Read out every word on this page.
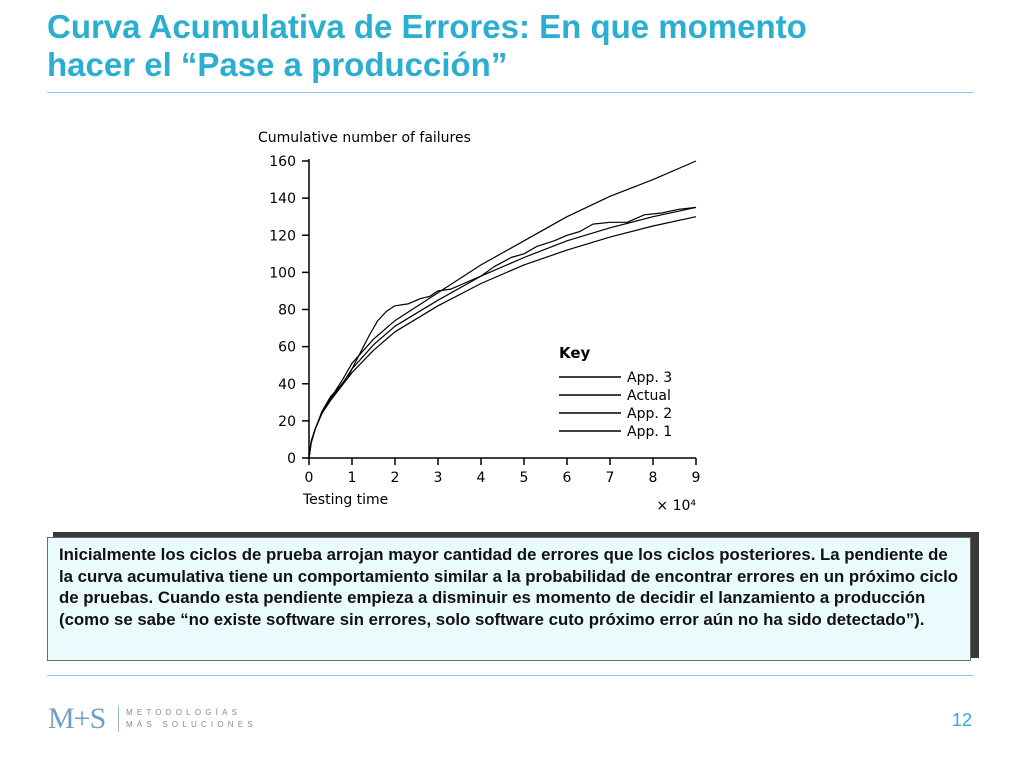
Curva Acumulativa de Errores: En que momento
hacer el “Pase a producción”
0
20
40
60
80
100
120
140
160
0 1 2 3 4 5 6 7 8 9
Cumulative number of failures
Testing time	× 10⁴
Key
App. 3
Actual
App. 2
App. 1

Inicialmente los ciclos de prueba arrojan mayor cantidad de errores que los ciclos posteriores. La pendiente de la curva acumulativa tiene un comportamiento similar a la probabilidad de encontrar errores en un próximo ciclo de pruebas. Cuando esta pendiente empieza a disminuir es momento de decidir el lanzamiento a producción (como se sabe “no existe software sin errores, solo software cuto próximo error aún no ha sido detectado”).

M+S	METODOLOGÍAS
MÁS SOLUCIONES	12
